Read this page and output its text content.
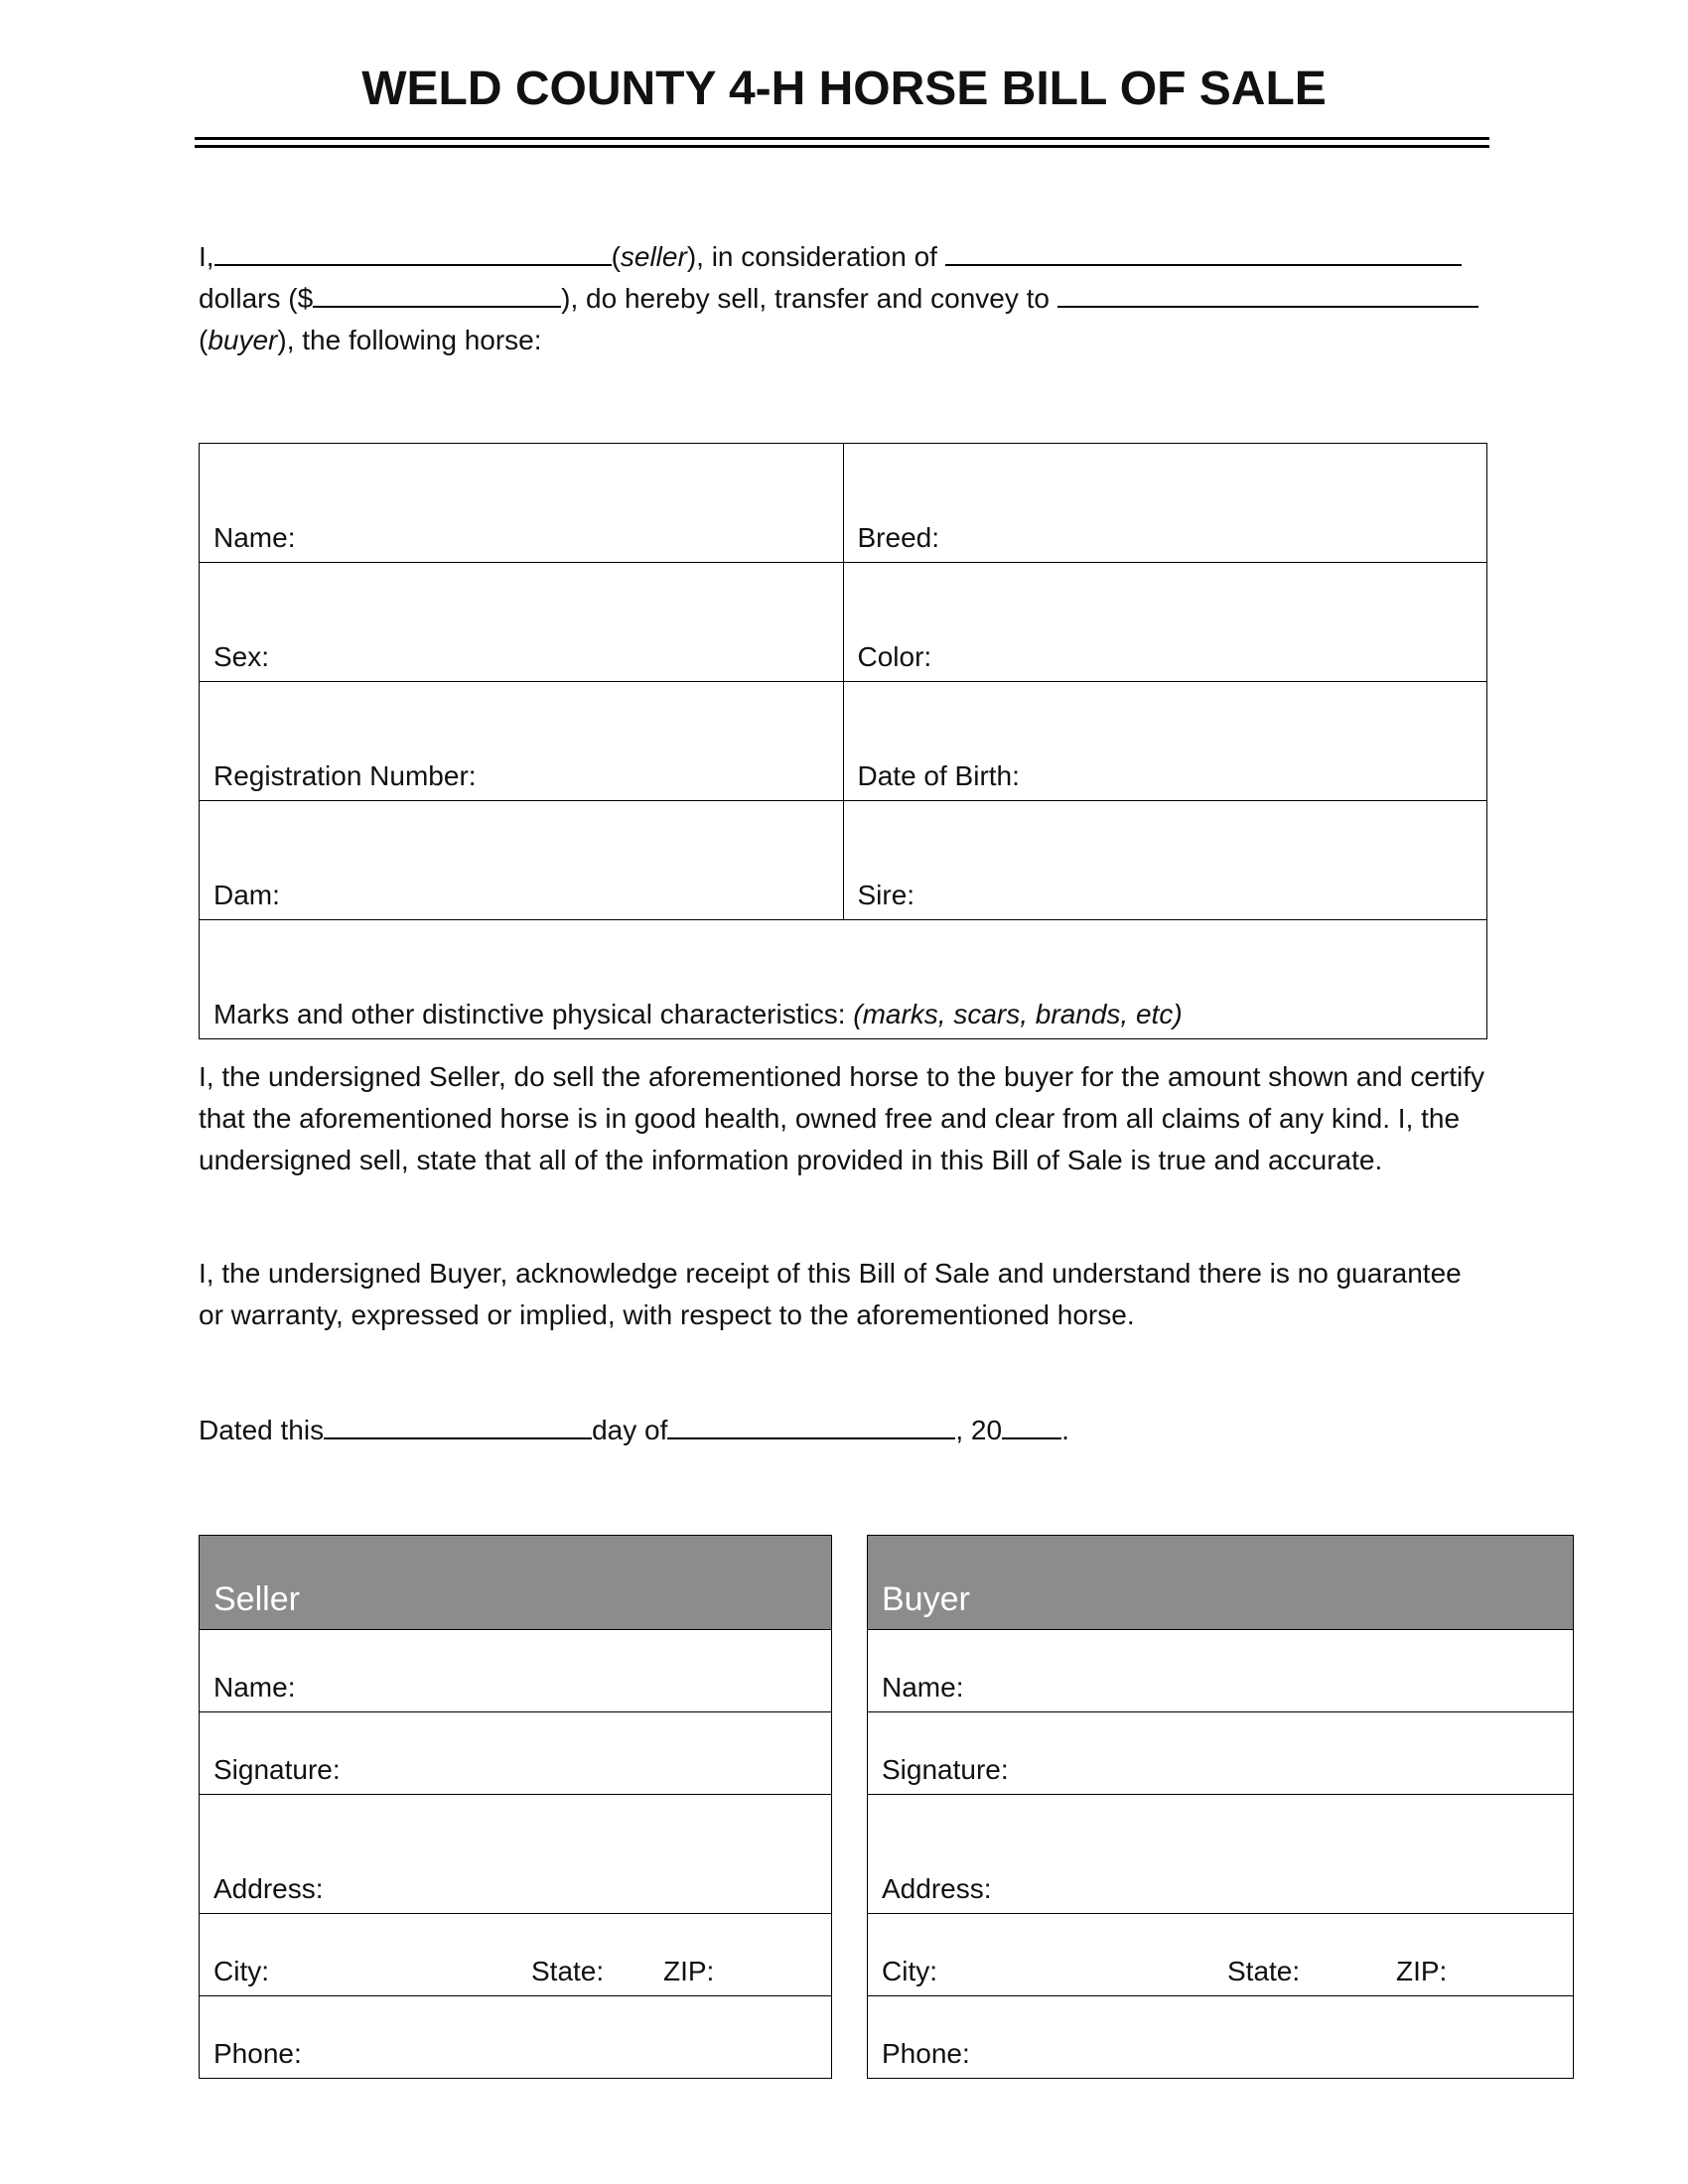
WELD COUNTY 4-H HORSE BILL OF SALE
I,	(seller), in consideration of
dollars ($	), do hereby sell, transfer and convey to
(buyer), the following horse:
Name:	Breed:
Sex:	Color:
Registration Number:	Date of Birth:
Dam:	Sire:
Marks and other distinctive physical characteristics: (marks, scars, brands, etc)	
I, the undersigned Seller, do sell the aforementioned horse to the buyer for the amount shown and certify that the aforementioned horse is in good health, owned free and clear from all claims of any kind. I, the undersigned sell, state that all of the information provided in this Bill of Sale is true and accurate.
I, the undersigned Buyer, acknowledge receipt of this Bill of Sale and understand there is no guarantee or warranty, expressed or implied, with respect to the aforementioned horse.
Dated this	day of	, 20 .
Seller
Name:
Signature:
Address:
City:	State: ZIP:

Phone:
Buyer
Name:
Signature:
Address:
City:	State:	ZIP:

Phone:
